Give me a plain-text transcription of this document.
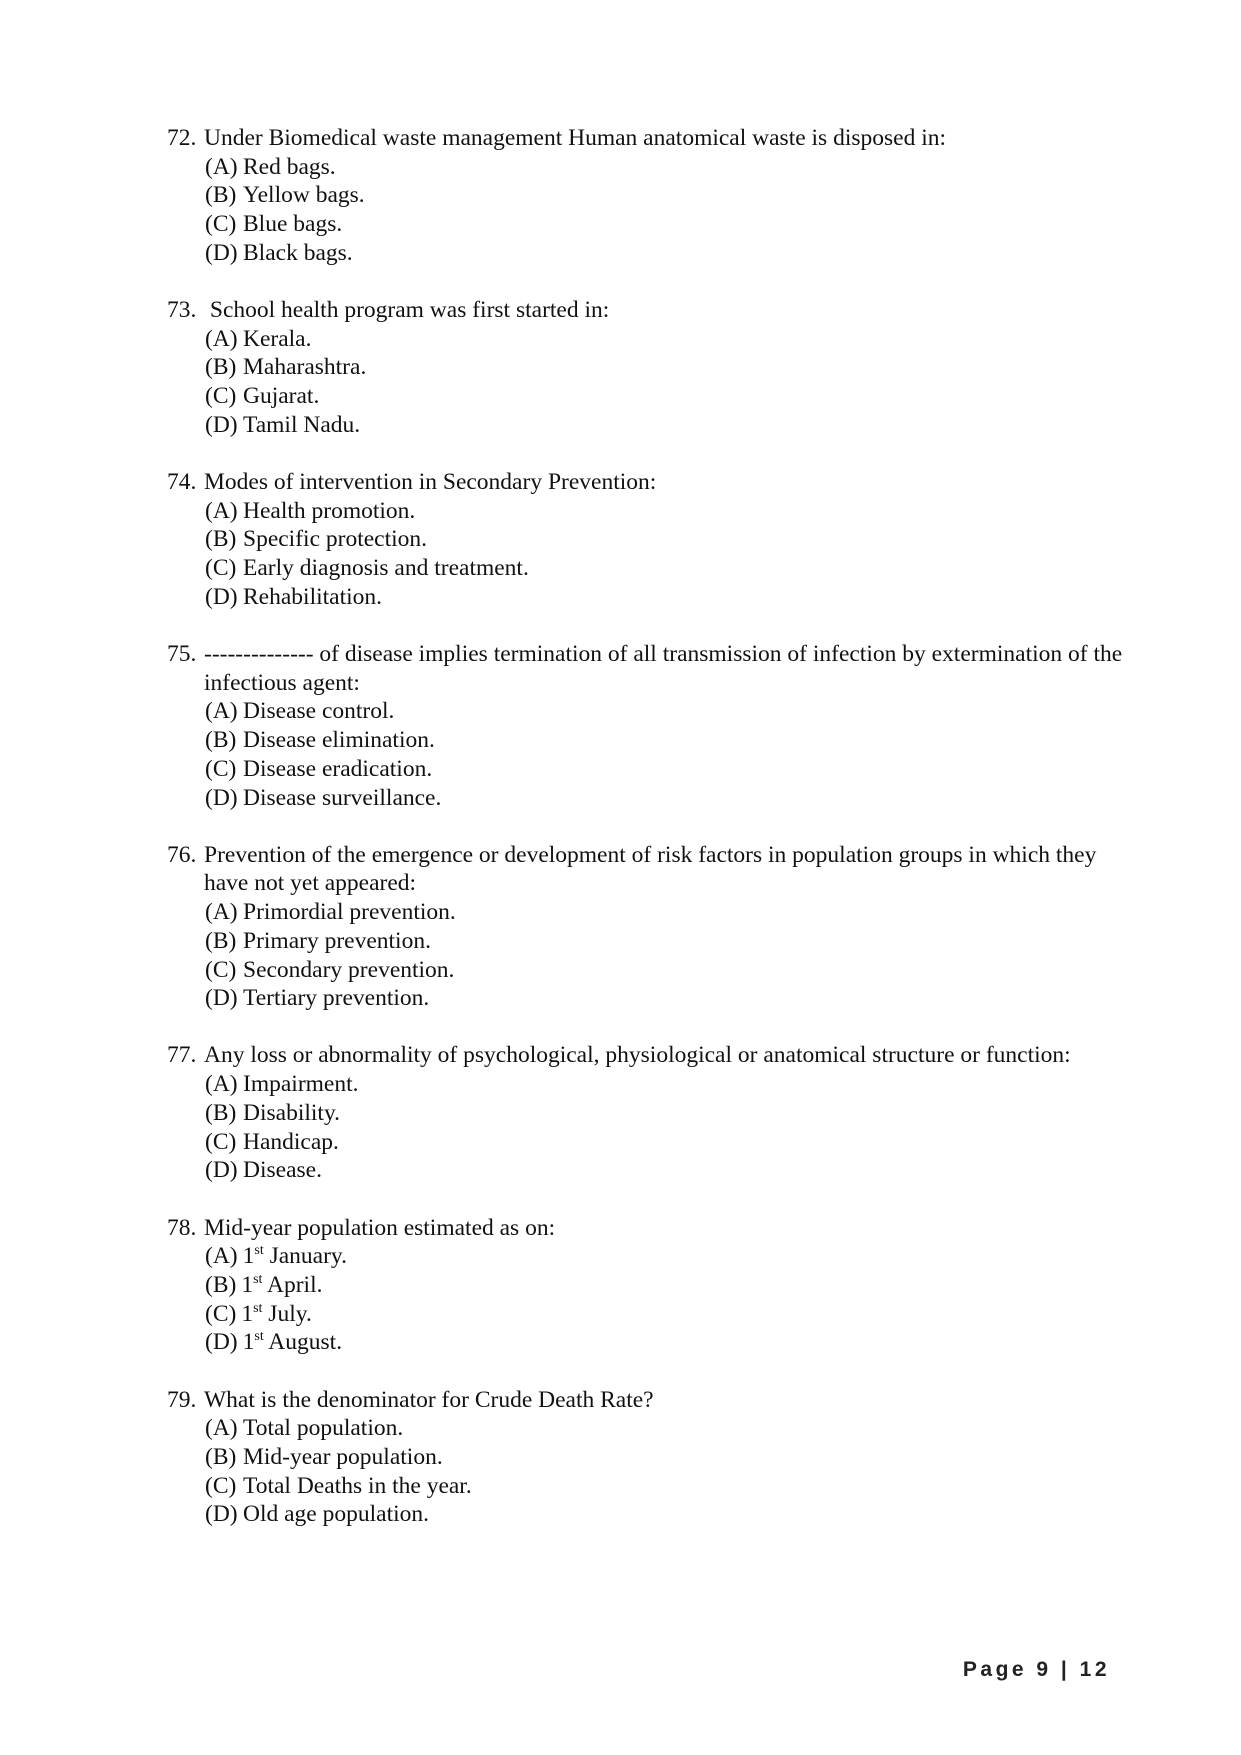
72. Under Biomedical waste management Human anatomical waste is disposed in:
(A) Red bags.
(B) Yellow bags.
(C) Blue bags.
(D) Black bags.
73. School health program was first started in:
(A) Kerala.
(B) Maharashtra.
(C) Gujarat.
(D) Tamil Nadu.
74. Modes of intervention in Secondary Prevention:
(A) Health promotion.
(B) Specific protection.
(C) Early diagnosis and treatment.
(D) Rehabilitation.
75. -------------- of disease implies termination of all transmission of infection by extermination of the infectious agent:
(A) Disease control.
(B) Disease elimination.
(C) Disease eradication.
(D) Disease surveillance.
76. Prevention of the emergence or development of risk factors in population groups in which they have not yet appeared:
(A) Primordial prevention.
(B) Primary prevention.
(C) Secondary prevention.
(D) Tertiary prevention.
77. Any loss or abnormality of psychological, physiological or anatomical structure or function:
(A) Impairment.
(B) Disability.
(C) Handicap.
(D) Disease.
78. Mid-year population estimated as on:
(A) 1st January.
(B) 1st April.
(C) 1st July.
(D) 1st August.
79. What is the denominator for Crude Death Rate?
(A) Total population.
(B) Mid-year population.
(C) Total Deaths in the year.
(D) Old age population.
Page 9 | 12
